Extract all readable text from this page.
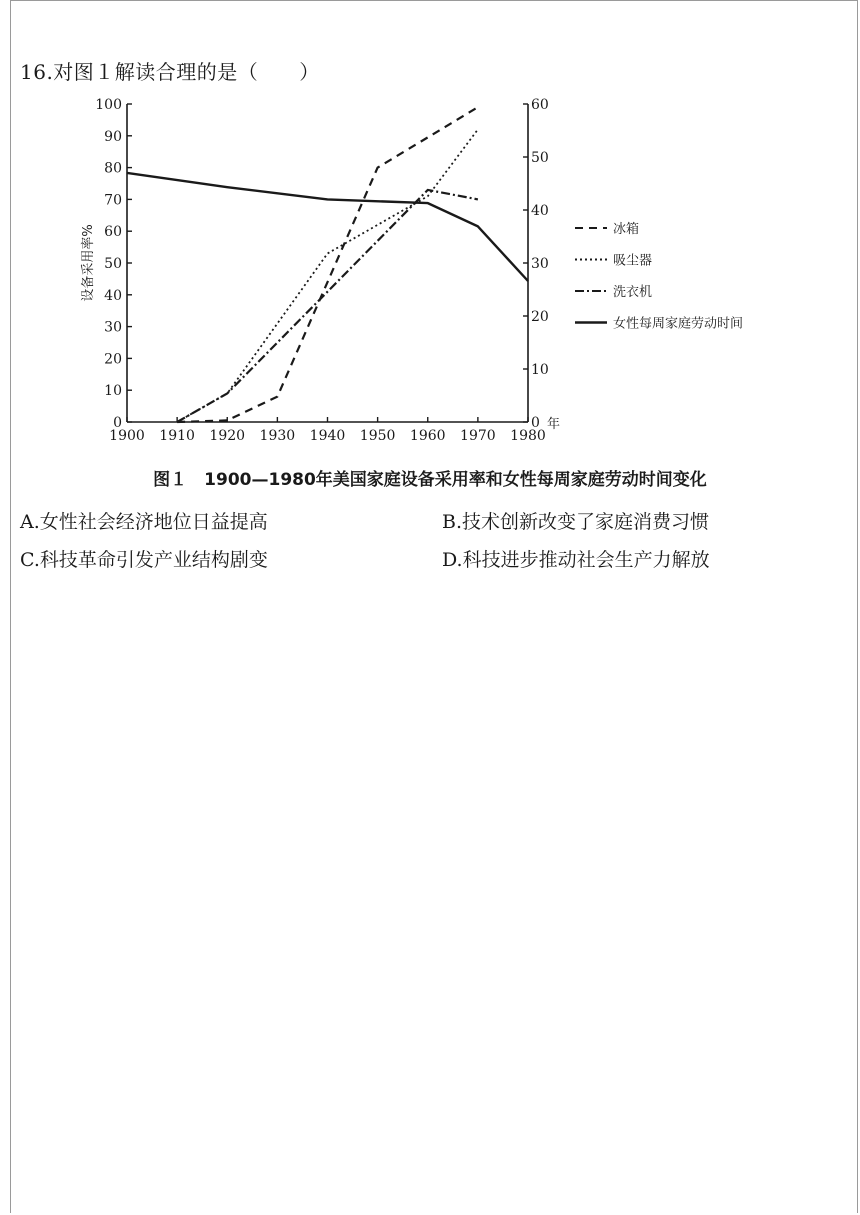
16.对图１解读合理的是（　　）
0
10
20
30
40
50
60
70
80
90
100
0
10
20
30
40
50
60
1900 1910 1920 1930 1940 1950 1960 1970 1980
年
设备采用率%	冰箱
吸尘器
洗衣机
女性每周家庭劳动时间
图１　1900—1980年美国家庭设备采用率和女性每周家庭劳动时间变化
A.女性社会经济地位日益提高	B.技术创新改变了家庭消费习惯
C.科技革命引发产业结构剧变	D.科技进步推动社会生产力解放
